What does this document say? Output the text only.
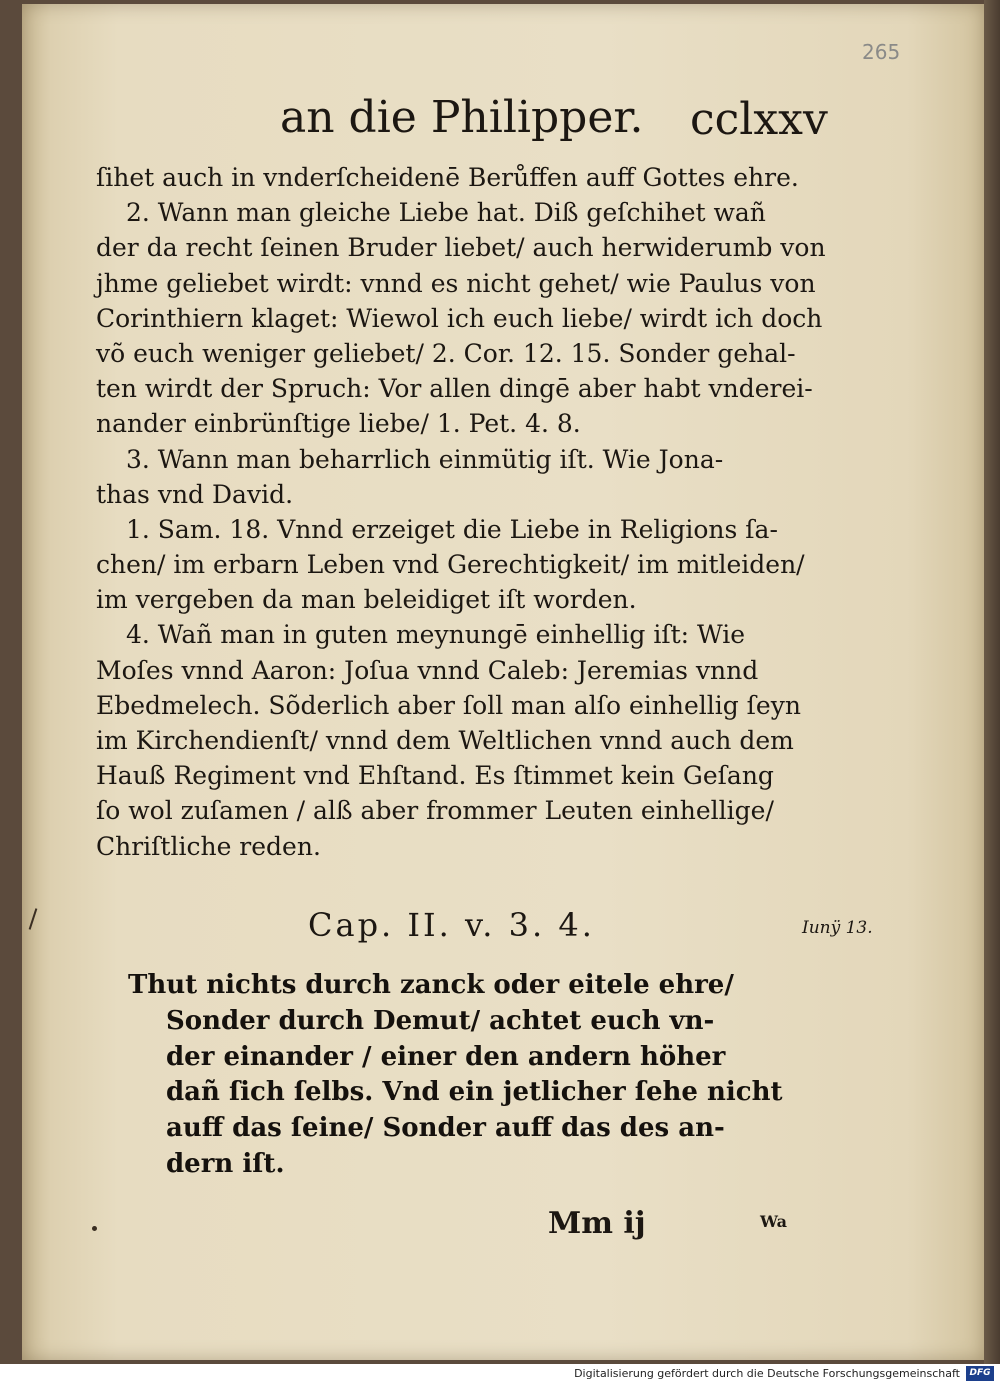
265
an die Philipper. cclxxv
ſihet auch in vnderſcheidenē Berůffen auff Gottes ehre.
2. Wann man gleiche Liebe hat. Diß geſchihet wañ
der da recht ſeinen Bruder liebet/ auch herwiderumb von
jhme geliebet wirdt: vnnd es nicht gehet/ wie Paulus von
Corinthiern klaget: Wiewol ich euch liebe/ wirdt ich doch
võ euch weniger geliebet/ 2. Cor. 12. 15. Sonder gehal-
ten wirdt der Spruch: Vor allen dingē aber habt vnderei-
nander einbrünſtige liebe/ 1. Pet. 4. 8.
3. Wann man beharrlich einmütig iſt. Wie Jona-
thas vnd David.
1. Sam. 18. Vnnd erzeiget die Liebe in Religions ſa-
chen/ im erbarn Leben vnd Gerechtigkeit/ im mitleiden/
im vergeben da man beleidiget iſt worden.
4. Wañ man in guten meynungē einhellig iſt: Wie
Moſes vnnd Aaron: Joſua vnnd Caleb: Jeremias vnnd
Ebedmelech. Sõderlich aber ſoll man alſo einhellig ſeyn
im Kirchendienſt/ vnnd dem Weltlichen vnnd auch dem
Hauß Regiment vnd Ehſtand. Es ſtimmet kein Geſang
ſo wol zuſamen / alß aber frommer Leuten einhellige/
Chriſtliche reden.
Cap. II. v. 3. 4.	Iunÿ 13.
Thut nichts durch zanck oder eitele ehre/
Sonder durch Demut/ achtet euch vn-
der einander / einer den andern höher
dañ ſich ſelbs. Vnd ein jetlicher ſehe nicht
auff das ſeine/ Sonder auff das des an-
dern iſt.
Mm ij	Wa
Digitalisierung gefördert durch die Deutsche Forschungsgemeinschaft	DFG
